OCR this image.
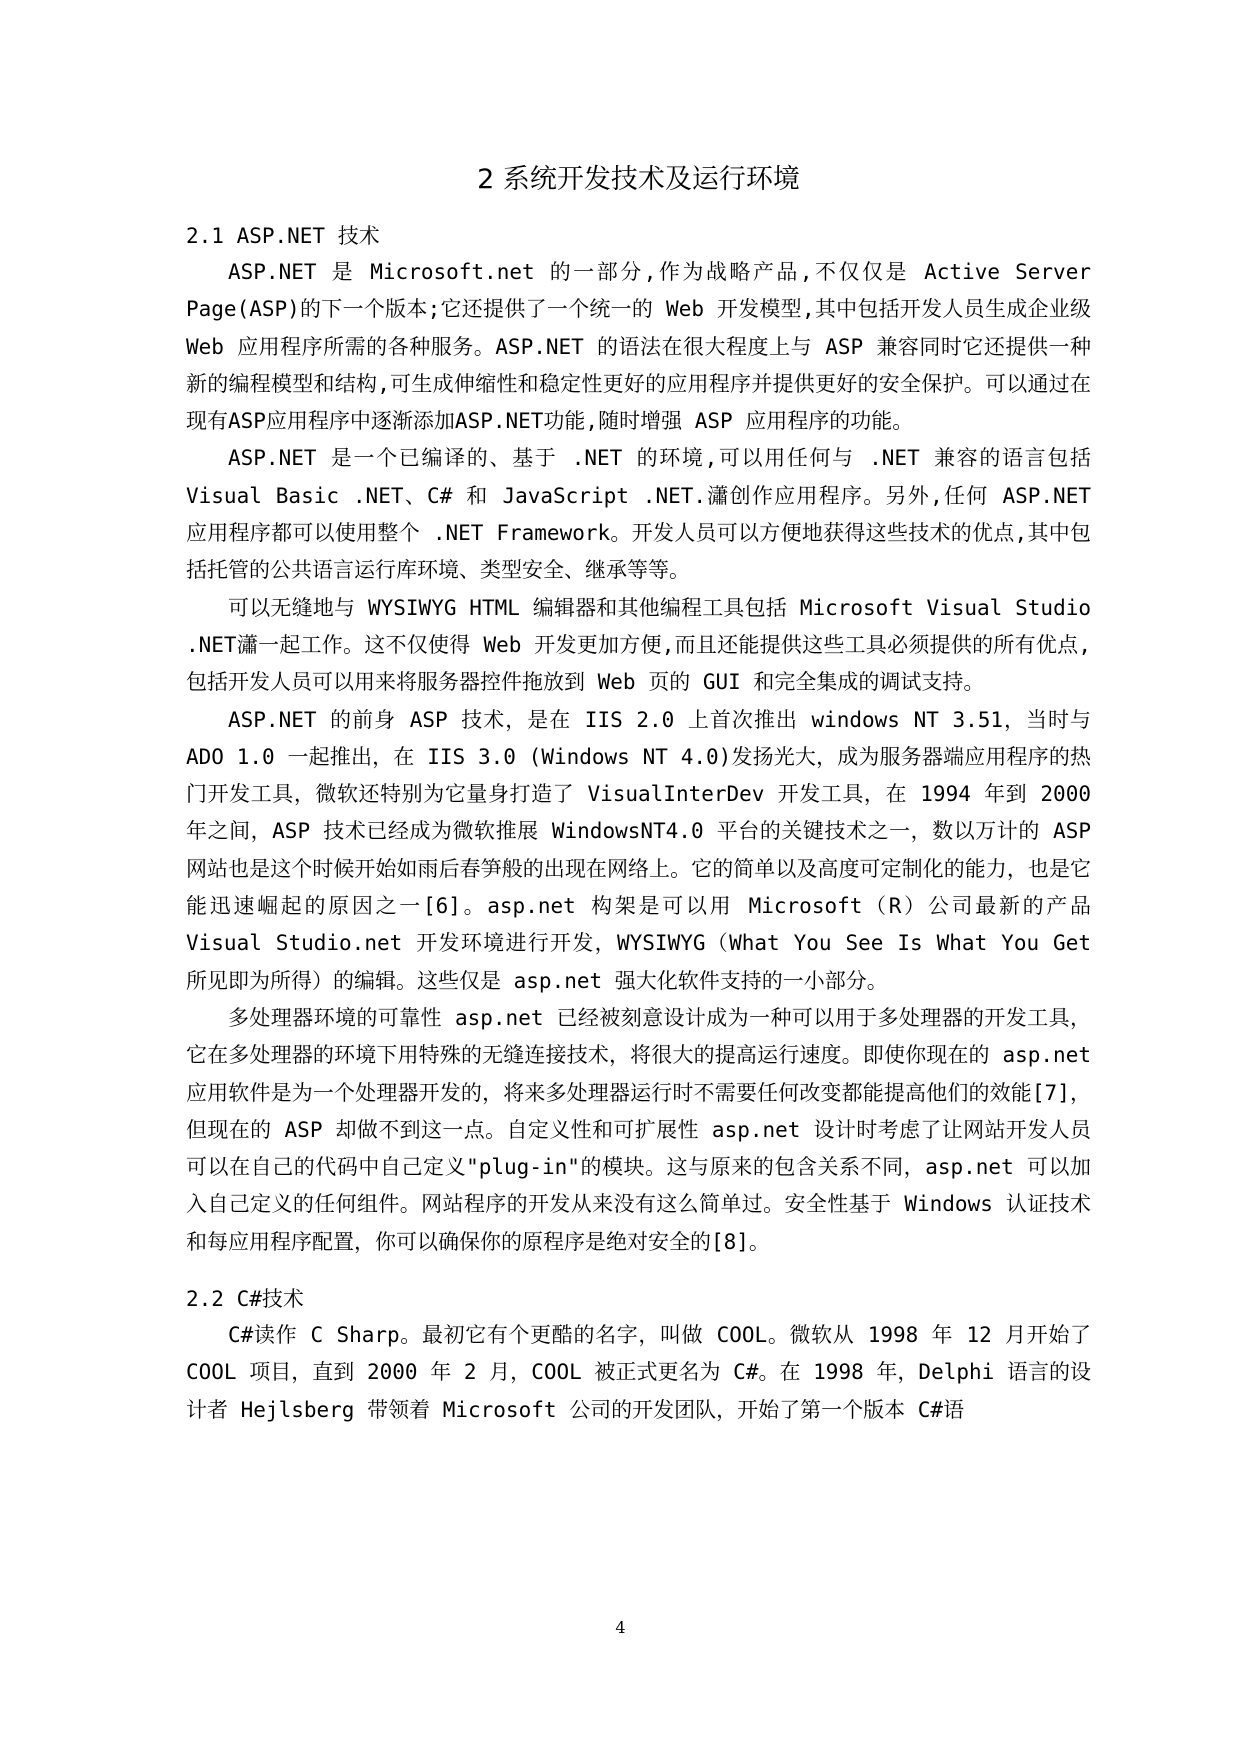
2 系统开发技术及运行环境
2.1 ASP.NET 技术

ASP.NET 是 Microsoft.net 的一部分,作为战略产品,不仅仅是 Active Server Page(ASP)的下一个版本;它还提供了一个统一的 Web 开发模型,其中包括开发人员生成企业级 Web 应用程序所需的各种服务。ASP.NET 的语法在很大程度上与 ASP 兼容同时它还提供一种新的编程模型和结构,可生成伸缩性和稳定性更好的应用程序并提供更好的安全保护。可以通过在现有ASP应用程序中逐渐添加ASP.NET功能,随时增强 ASP 应用程序的功能。

ASP.NET 是一个已编译的、基于 .NET 的环境,可以用任何与 .NET 兼容的语言包括 Visual Basic .NET、C# 和 JavaScript .NET.瀟创作应用程序。另外,任何 ASP.NET 应用程序都可以使用整个 .NET Framework。开发人员可以方便地获得这些技术的优点,其中包括托管的公共语言运行库环境、类型安全、继承等等。

可以无缝地与 WYSIWYG HTML 编辑器和其他编程工具包括 Microsoft Visual Studio .NET瀟一起工作。这不仅使得 Web 开发更加方便,而且还能提供这些工具必须提供的所有优点,包括开发人员可以用来将服务器控件拖放到 Web 页的 GUI 和完全集成的调试支持。

ASP.NET 的前身 ASP 技术，是在 IIS 2.0 上首次推出 windows NT 3.51，当时与 ADO 1.0 一起推出，在 IIS 3.0 (Windows NT 4.0)发扬光大，成为服务器端应用程序的热门开发工具，微软还特别为它量身打造了 VisualInterDev 开发工具，在 1994 年到 2000 年之间，ASP 技术已经成为微软推展 WindowsNT4.0 平台的关键技术之一，数以万计的 ASP 网站也是这个时候开始如雨后春笋般的出现在网络上。它的简单以及高度可定制化的能力，也是它能迅速崛起的原因之一[6]。asp.net 构架是可以用 Microsoft（R）公司最新的产品 Visual Studio.net 开发环境进行开发，WYSIWYG（What You See Is What You Get 所见即为所得）的编辑。这些仅是 asp.net 强大化软件支持的一小部分。

多处理器环境的可靠性 asp.net 已经被刻意设计成为一种可以用于多处理器的开发工具，它在多处理器的环境下用特殊的无缝连接技术，将很大的提高运行速度。即使你现在的 asp.net 应用软件是为一个处理器开发的，将来多处理器运行时不需要任何改变都能提高他们的效能[7]，但现在的 ASP 却做不到这一点。自定义性和可扩展性 asp.net 设计时考虑了让网站开发人员可以在自己的代码中自己定义"plug-in"的模块。这与原来的包含关系不同，asp.net 可以加入自己定义的任何组件。网站程序的开发从来没有这么简单过。安全性基于 Windows 认证技术和每应用程序配置，你可以确保你的原程序是绝对安全的[8]。

2.2 C#技术

C#读作 C Sharp。最初它有个更酷的名字，叫做 COOL。微软从 1998 年 12 月开始了 COOL 项目，直到 2000 年 2 月，COOL 被正式更名为 C#。在 1998 年，Delphi 语言的设计者 Hejlsberg 带领着 Microsoft 公司的开发团队，开始了第一个版本 C#语

4
